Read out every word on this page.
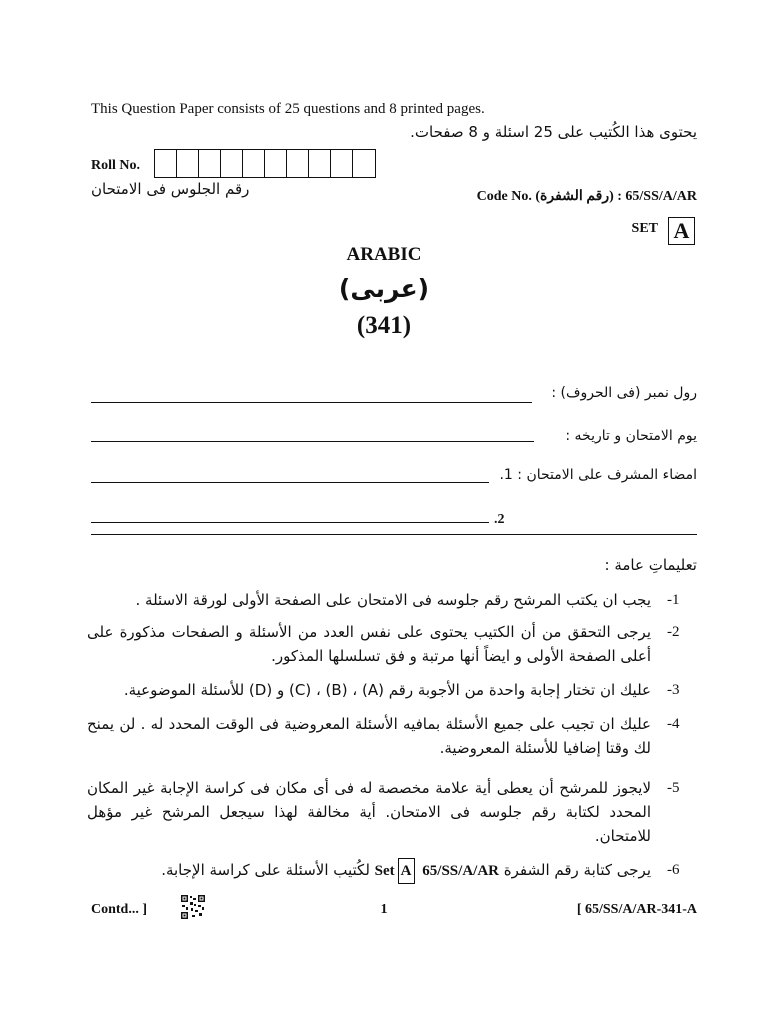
This Question Paper consists of 25 questions and 8 printed pages.
يحتوى هذا الكُتيب على 25 اسئلة و 8 صفحات.
Roll No.
رقم الجلوس فى الامتحان	Code No. (رقم الشفرة) : 65/SS/A/AR
SET A
ARABIC
(عربى)
(341)
رول نمبر (فى الحروف) :
يوم الامتحان و تاريخه :
امضاء المشرف على الامتحان : 1.
.2
تعليماتِ عامة :
-1
يجب ان يكتب المرشح رقم جلوسه فى الامتحان على الصفحة الأولى لورقة الاسئلة .
-2
يرجى التحقق من أن الكتيب يحتوى على نفس العدد من الأسئلة و الصفحات مذكورة على أعلى الصفحة الأولى و ايضاً أنها مرتبة و فق تسلسلها المذكور.
-3
عليك ان تختار إجابة واحدة من الأجوبة رقم (A) ، (B) ، (C) و (D) للأسئلة الموضوعية.
-4
عليك ان تجيب على جميع الأسئلة بمافيه الأسئلة المعروضية فى الوقت المحدد له . لن يمنح لك وقتا إضافيا للأسئلة المعروضية.
-5
لايجوز للمرشح أن يعطى أية علامة مخصصة له فى أى مكان فى كراسة الإجابة غير المكان المحدد لكتابة رقم جلوسه فى الامتحان. أية مخالفة لهذا سيجعل المرشح غير مؤهل للامتحان.
-6
يرجى كتابة رقم الشفرة 65/SS/A/AR Set A لكُتيب الأسئلة على كراسة الإجابة.
Contd... ]	1	[ 65/SS/A/AR-341-A
